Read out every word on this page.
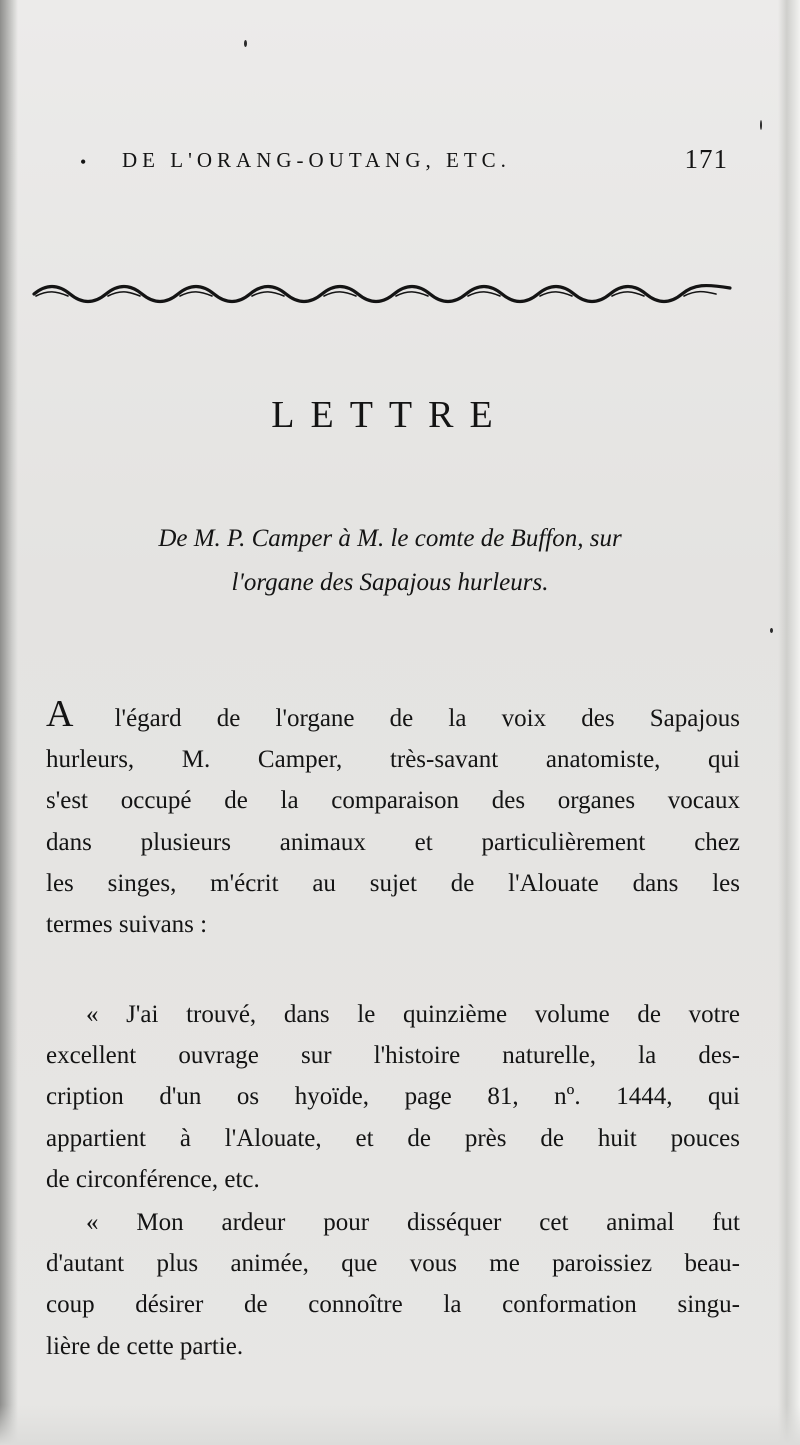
• DE L'ORANG-OUTANG, ETC.	171
LETTRE
De M. P. Camper à M. le comte de Buffon, sur
l'organe des Sapajous hurleurs.
A l'égard de l'organe de la voix des Sapajous
hurleurs, M. Camper, très-savant anatomiste, qui
s'est occupé de la comparaison des organes vocaux
dans plusieurs animaux et particulièrement chez
les singes, m'écrit au sujet de l'Alouate dans les
termes suivans :
« J'ai trouvé, dans le quinzième volume de votre
excellent ouvrage sur l'histoire naturelle, la des-
cription d'un os hyoïde, page 81, nº. 1444, qui
appartient à l'Alouate, et de près de huit pouces
de circonférence, etc.
« Mon ardeur pour disséquer cet animal fut
d'autant plus animée, que vous me paroissiez beau-
coup désirer de connoître la conformation singu-
lière de cette partie.
